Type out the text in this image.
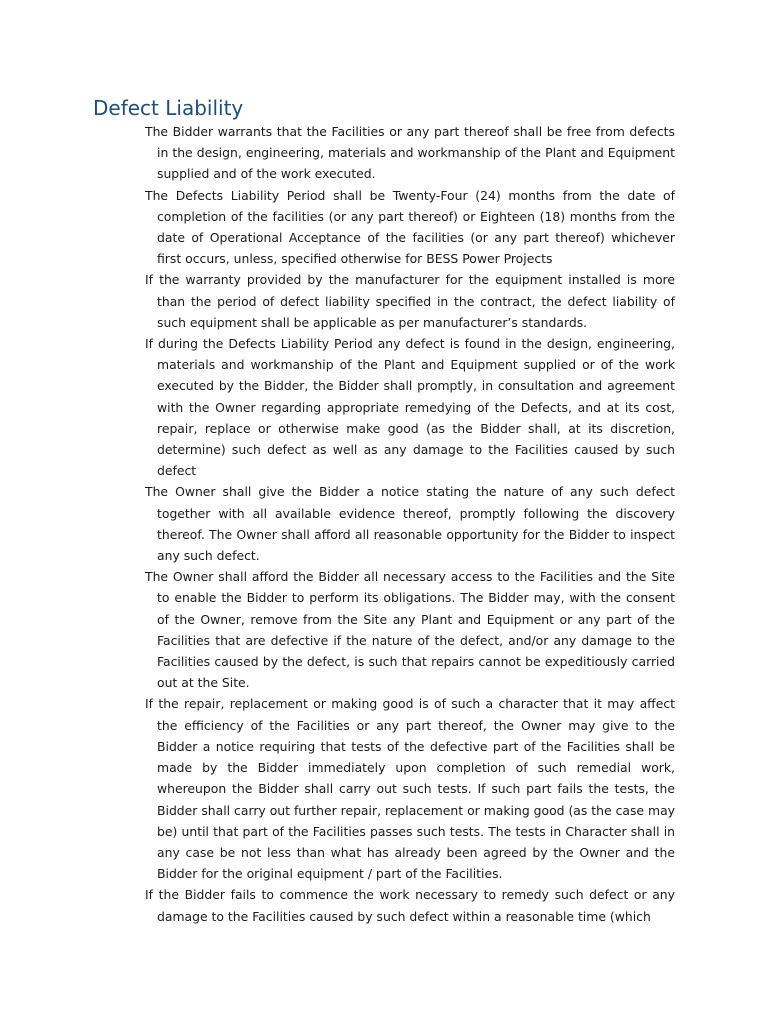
Defect Liability

The Bidder warrants that the Facilities or any part thereof shall be free from defects in the design, engineering, materials and workmanship of the Plant and Equipment supplied and of the work executed.

The Defects Liability Period shall be Twenty-Four (24) months from the date of completion of the facilities (or any part thereof) or Eighteen (18) months from the date of Operational Acceptance of the facilities (or any part thereof) whichever first occurs, unless, specified otherwise for BESS Power Projects

If the warranty provided by the manufacturer for the equipment installed is more than the period of defect liability specified in the contract, the defect liability of such equipment shall be applicable as per manufacturer’s standards.

If during the Defects Liability Period any defect is found in the design, engineering, materials and workmanship of the Plant and Equipment supplied or of the work executed by the Bidder, the Bidder shall promptly, in consultation and agreement with the Owner regarding appropriate remedying of the Defects, and at its cost, repair, replace or otherwise make good (as the Bidder shall, at its discretion, determine) such defect as well as any damage to the Facilities caused by such defect

The Owner shall give the Bidder a notice stating the nature of any such defect together with all available evidence thereof, promptly following the discovery thereof. The Owner shall afford all reasonable opportunity for the Bidder to inspect any such defect.

The Owner shall afford the Bidder all necessary access to the Facilities and the Site to enable the Bidder to perform its obligations. The Bidder may, with the consent of the Owner, remove from the Site any Plant and Equipment or any part of the Facilities that are defective if the nature of the defect, and/or any damage to the Facilities caused by the defect, is such that repairs cannot be expeditiously carried out at the Site.

If the repair, replacement or making good is of such a character that it may affect the efficiency of the Facilities or any part thereof, the Owner may give to the Bidder a notice requiring that tests of the defective part of the Facilities shall be made by the Bidder immediately upon completion of such remedial work, whereupon the Bidder shall carry out such tests. If such part fails the tests, the Bidder shall carry out further repair, replacement or making good (as the case may be) until that part of the Facilities passes such tests. The tests in Character shall in any case be not less than what has already been agreed by the Owner and the Bidder for the original equipment / part of the Facilities.

If the Bidder fails to commence the work necessary to remedy such defect or any damage to the Facilities caused by such defect within a reasonable time (which
